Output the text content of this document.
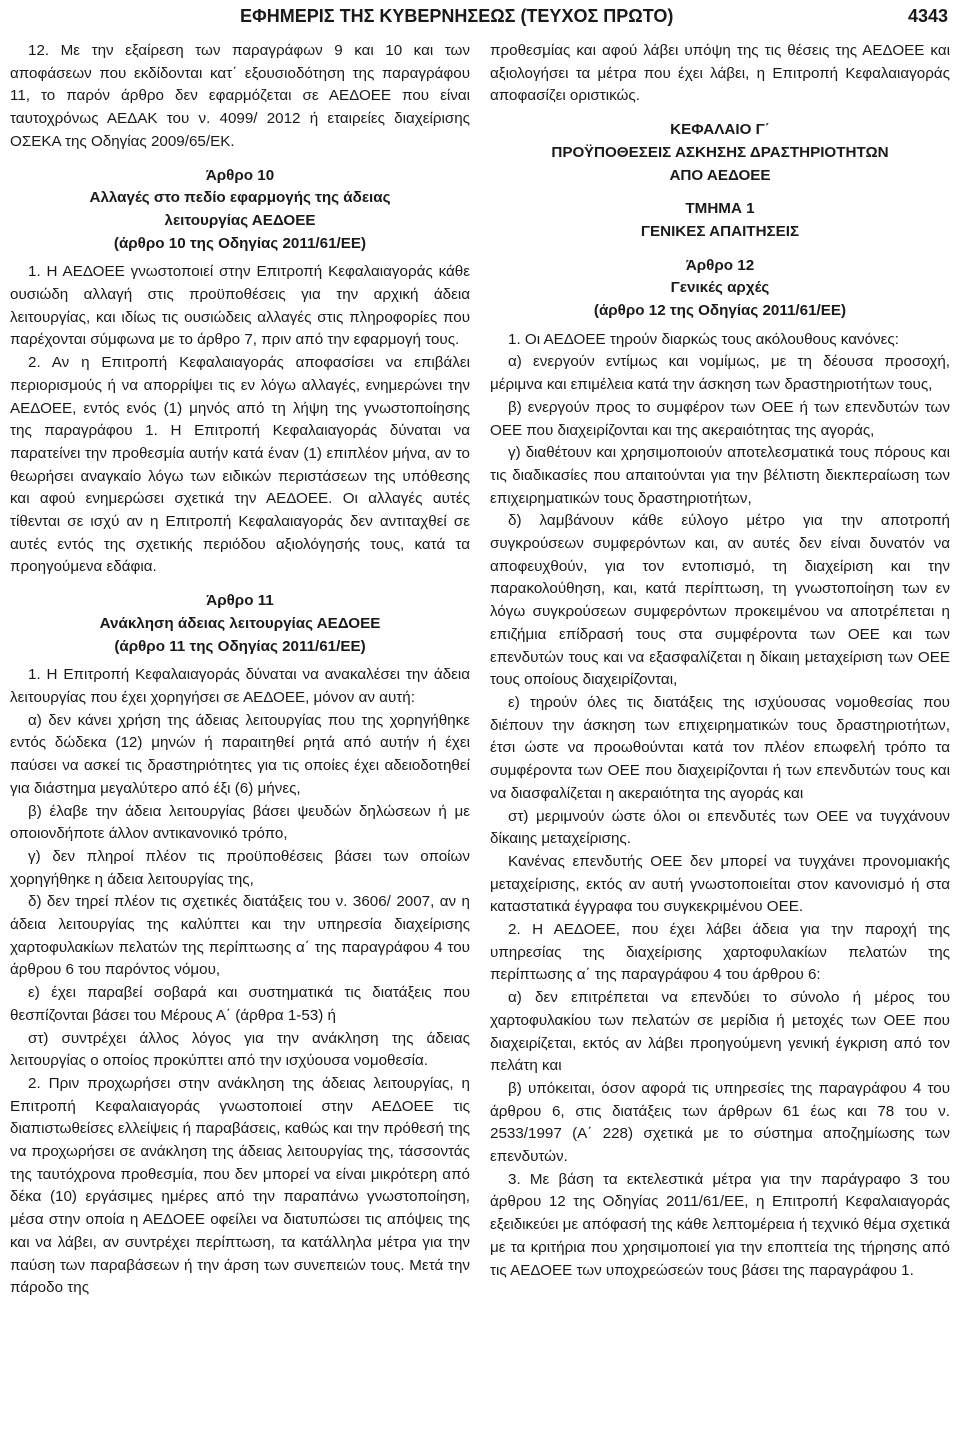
ΕΦΗΜΕΡΙΣ ΤΗΣ ΚΥΒΕΡΝΗΣΕΩΣ (ΤΕΥΧΟΣ ΠΡΩΤΟ)	4343

12. Με την εξαίρεση των παραγράφων 9 και 10 και των αποφάσεων που εκδίδονται κατ΄ εξουσιοδότηση της παραγράφου 11, το παρόν άρθρο δεν εφαρμόζεται σε ΑΕΔΟΕΕ που είναι ταυτοχρόνως ΑΕΔΑΚ του ν. 4099/ 2012 ή εταιρείες διαχείρισης ΟΣΕΚΑ της Οδηγίας 2009/65/ΕΚ.

Άρθρο 10

Αλλαγές στο πεδίο εφαρμογής της άδειας

λειτουργίας ΑΕΔΟΕΕ

(άρθρο 10 της Οδηγίας 2011/61/ΕΕ)

1. Η ΑΕΔΟΕΕ γνωστοποιεί στην Επιτροπή Κεφαλαιαγοράς κάθε ουσιώδη αλλαγή στις προϋποθέσεις για την αρχική άδεια λειτουργίας, και ιδίως τις ουσιώδεις αλλαγές στις πληροφορίες που παρέχονται σύμφωνα με το άρθρο 7, πριν από την εφαρμογή τους.

2. Αν η Επιτροπή Κεφαλαιαγοράς αποφασίσει να επιβάλει περιορισμούς ή να απορρίψει τις εν λόγω αλλαγές, ενημερώνει την ΑΕΔΟΕΕ, εντός ενός (1) μηνός από τη λήψη της γνωστοποίησης της παραγράφου 1. Η Επιτροπή Κεφαλαιαγοράς δύναται να παρατείνει την προθεσμία αυτήν κατά έναν (1) επιπλέον μήνα, αν το θεωρήσει αναγκαίο λόγω των ειδικών περιστάσεων της υπόθεσης και αφού ενημερώσει σχετικά την ΑΕΔΟΕΕ. Οι αλλαγές αυτές τίθενται σε ισχύ αν η Επιτροπή Κεφαλαιαγοράς δεν αντιταχθεί σε αυτές εντός της σχετικής περιόδου αξιολόγησής τους, κατά τα προηγούμενα εδάφια.

Άρθρο 11

Ανάκληση άδειας λειτουργίας ΑΕΔΟΕΕ

(άρθρο 11 της Οδηγίας 2011/61/ΕΕ)

1. Η Επιτροπή Κεφαλαιαγοράς δύναται να ανακαλέσει την άδεια λειτουργίας που έχει χορηγήσει σε ΑΕΔΟΕΕ, μόνον αν αυτή:

α) δεν κάνει χρήση της άδειας λειτουργίας που της χορηγήθηκε εντός δώδεκα (12) μηνών ή παραιτηθεί ρητά από αυτήν ή έχει παύσει να ασκεί τις δραστηριότητες για τις οποίες έχει αδειοδοτηθεί για διάστημα μεγαλύτερο από έξι (6) μήνες,

β) έλαβε την άδεια λειτουργίας βάσει ψευδών δηλώσεων ή με οποιονδήποτε άλλον αντικανονικό τρόπο,

γ) δεν πληροί πλέον τις προϋποθέσεις βάσει των οποίων χορηγήθηκε η άδεια λειτουργίας της,

δ) δεν τηρεί πλέον τις σχετικές διατάξεις του ν. 3606/ 2007, αν η άδεια λειτουργίας της καλύπτει και την υπηρεσία διαχείρισης χαρτοφυλακίων πελατών της περίπτωσης α΄ της παραγράφου 4 του άρθρου 6 του παρόντος νόμου,

ε) έχει παραβεί σοβαρά και συστηματικά τις διατάξεις που θεσπίζονται βάσει του Μέρους Α΄ (άρθρα 1-53) ή

στ) συντρέχει άλλος λόγος για την ανάκληση της άδειας λειτουργίας ο οποίος προκύπτει από την ισχύουσα νομοθεσία.

2. Πριν προχωρήσει στην ανάκληση της άδειας λειτουργίας, η Επιτροπή Κεφαλαιαγοράς γνωστοποιεί στην ΑΕΔΟΕΕ τις διαπιστωθείσες ελλείψεις ή παραβάσεις, καθώς και την πρόθεσή της να προχωρήσει σε ανάκληση της άδειας λειτουργίας της, τάσσοντάς της ταυτόχρονα προθεσμία, που δεν μπορεί να είναι μικρότερη από δέκα (10) εργάσιμες ημέρες από την παραπάνω γνωστοποίηση, μέσα στην οποία η ΑΕΔΟΕΕ οφείλει να διατυπώσει τις απόψεις της και να λάβει, αν συντρέχει περίπτωση, τα κατάλληλα μέτρα για την παύση των παραβάσεων ή την άρση των συνεπειών τους. Μετά την πάροδο της

προθεσμίας και αφού λάβει υπόψη της τις θέσεις της ΑΕΔΟΕΕ και αξιολογήσει τα μέτρα που έχει λάβει, η Επιτροπή Κεφαλαιαγοράς αποφασίζει οριστικώς.

ΚΕΦΑΛΑΙΟ Γ΄

ΠΡΟΫΠΟΘΕΣΕΙΣ ΑΣΚΗΣΗΣ ΔΡΑΣΤΗΡΙΟΤΗΤΩΝ

ΑΠΟ ΑΕΔΟΕΕ

ΤΜΗΜΑ 1

ΓΕΝΙΚΕΣ ΑΠΑΙΤΗΣΕΙΣ

Άρθρο 12

Γενικές αρχές

(άρθρο 12 της Οδηγίας 2011/61/ΕΕ)

1. Οι ΑΕΔΟΕΕ τηρούν διαρκώς τους ακόλουθους κανόνες:

α) ενεργούν εντίμως και νομίμως, με τη δέουσα προσοχή, μέριμνα και επιμέλεια κατά την άσκηση των δραστηριοτήτων τους,

β) ενεργούν προς το συμφέρον των ΟΕΕ ή των επενδυτών των ΟΕΕ που διαχειρίζονται και της ακεραιότητας της αγοράς,

γ) διαθέτουν και χρησιμοποιούν αποτελεσματικά τους πόρους και τις διαδικασίες που απαιτούνται για την βέλτιστη διεκπεραίωση των επιχειρηματικών τους δραστηριοτήτων,

δ) λαμβάνουν κάθε εύλογο μέτρο για την αποτροπή συγκρούσεων συμφερόντων και, αν αυτές δεν είναι δυνατόν να αποφευχθούν, για τον εντοπισμό, τη διαχείριση και την παρακολούθηση, και, κατά περίπτωση, τη γνωστοποίηση των εν λόγω συγκρούσεων συμφερόντων προκειμένου να αποτρέπεται η επιζήμια επίδρασή τους στα συμφέροντα των ΟΕΕ και των επενδυτών τους και να εξασφαλίζεται η δίκαιη μεταχείριση των ΟΕΕ τους οποίους διαχειρίζονται,

ε) τηρούν όλες τις διατάξεις της ισχύουσας νομοθεσίας που διέπουν την άσκηση των επιχειρηματικών τους δραστηριοτήτων, έτσι ώστε να προωθούνται κατά τον πλέον επωφελή τρόπο τα συμφέροντα των ΟΕΕ που διαχειρίζονται ή των επενδυτών τους και να διασφαλίζεται η ακεραιότητα της αγοράς και

στ) μεριμνούν ώστε όλοι οι επενδυτές των ΟΕΕ να τυγχάνουν δίκαιης μεταχείρισης.

Κανένας επενδυτής ΟΕΕ δεν μπορεί να τυγχάνει προνομιακής μεταχείρισης, εκτός αν αυτή γνωστοποιείται στον κανονισμό ή στα καταστατικά έγγραφα του συγκεκριμένου ΟΕΕ.

2. Η ΑΕΔΟΕΕ, που έχει λάβει άδεια για την παροχή της υπηρεσίας της διαχείρισης χαρτοφυλακίων πελατών της περίπτωσης α΄ της παραγράφου 4 του άρθρου 6:

α) δεν επιτρέπεται να επενδύει το σύνολο ή μέρος του χαρτοφυλακίου των πελατών σε μερίδια ή μετοχές των ΟΕΕ που διαχειρίζεται, εκτός αν λάβει προηγούμενη γενική έγκριση από τον πελάτη και

β) υπόκειται, όσον αφορά τις υπηρεσίες της παραγράφου 4 του άρθρου 6, στις διατάξεις των άρθρων 61 έως και 78 του ν. 2533/1997 (Α΄ 228) σχετικά με το σύστημα αποζημίωσης των επενδυτών.

3. Με βάση τα εκτελεστικά μέτρα για την παράγραφο 3 του άρθρου 12 της Οδηγίας 2011/61/ΕΕ, η Επιτροπή Κεφαλαιαγοράς εξειδικεύει με απόφασή της κάθε λεπτομέρεια ή τεχνικό θέμα σχετικά με τα κριτήρια που χρησιμοποιεί για την εποπτεία της τήρησης από τις ΑΕΔΟΕΕ των υποχρεώσεών τους βάσει της παραγράφου 1.
